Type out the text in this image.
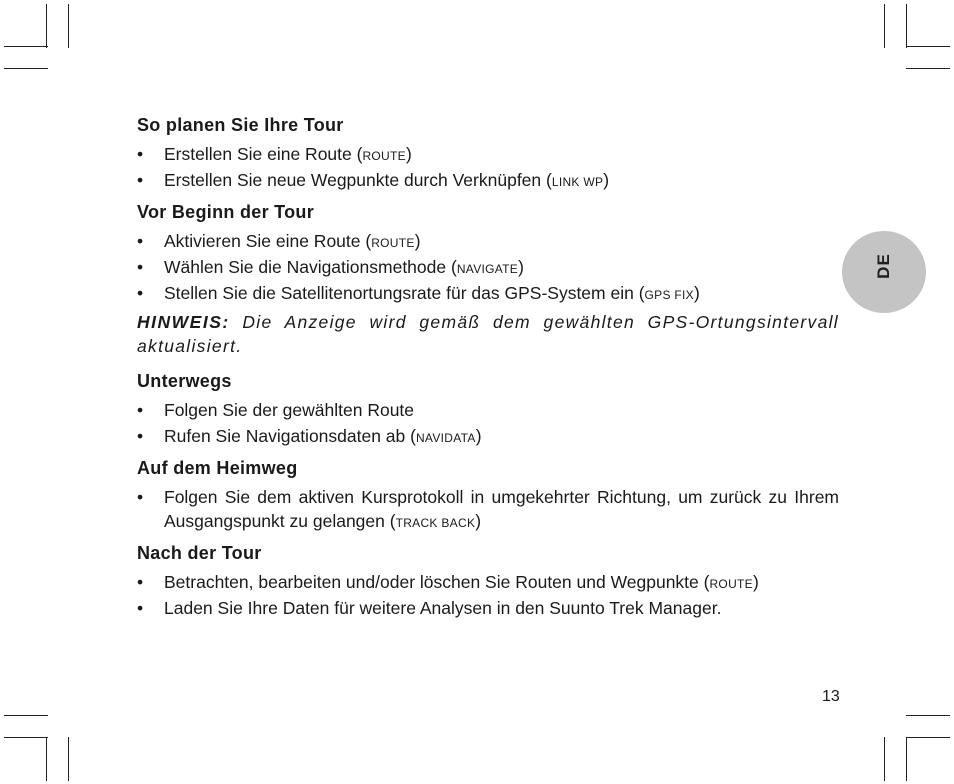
DE
So planen Sie Ihre Tour
• Erstellen Sie eine Route (ROUTE)
• Erstellen Sie neue Wegpunkte durch Verknüpfen (LINK WP)
Vor Beginn der Tour
• Aktivieren Sie eine Route (ROUTE)
• Wählen Sie die Navigationsmethode (NAVIGATE)
• Stellen Sie die Satellitenortungsrate für das GPS-System ein (GPS FIX)

HINWEIS: Die Anzeige wird gemäß dem gewählten GPS-Ortungsintervall aktualisiert.

Unterwegs
• Folgen Sie der gewählten Route
• Rufen Sie Navigationsdaten ab (NAVIDATA)
Auf dem Heimweg
• Folgen Sie dem aktiven Kursprotokoll in umgekehrter Richtung, um zurück zu Ihrem Ausgangspunkt zu gelangen (TRACK BACK)
Nach der Tour
• Betrachten, bearbeiten und/oder löschen Sie Routen und Wegpunkte (ROUTE)
• Laden Sie Ihre Daten für weitere Analysen in den Suunto Trek Manager.
13
